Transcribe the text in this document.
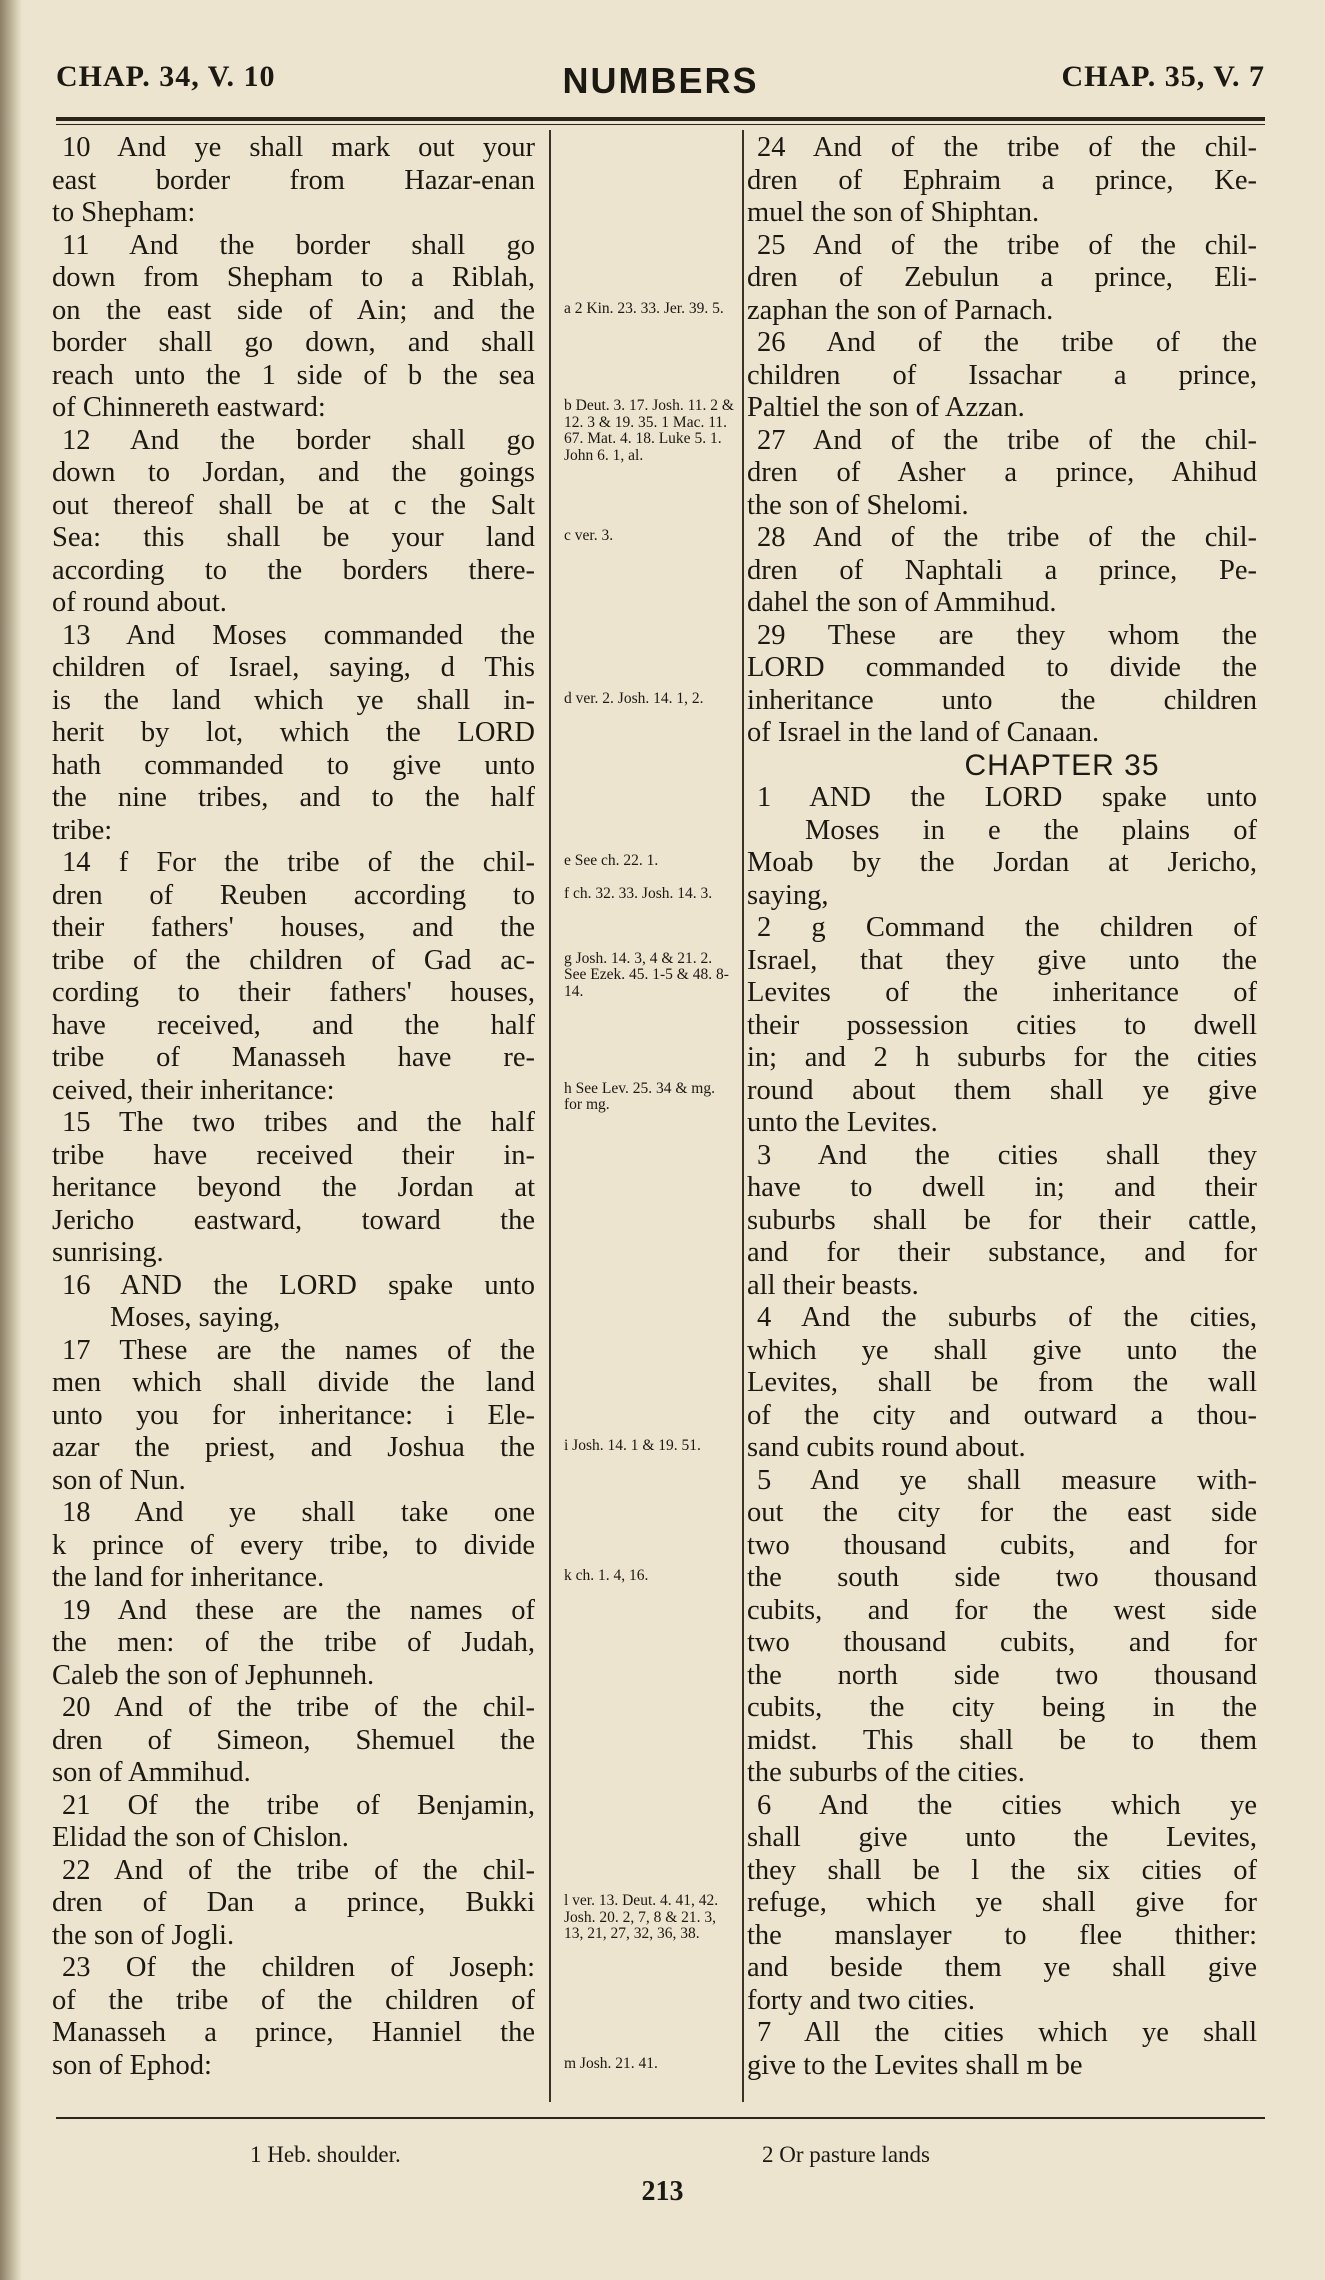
CHAP. 34, V. 10	NUMBERS	CHAP. 35, V. 7
10 And ye shall mark out your
east border from Hazar-enan
to Shepham:
11 And the border shall go
down from Shepham to a Riblah,
on the east side of Ain; and the
border shall go down, and shall
reach unto the 1 side of b the sea
of Chinnereth eastward:
12 And the border shall go
down to Jordan, and the goings
out thereof shall be at c the Salt
Sea: this shall be your land
according to the borders there-
of round about.
13 And Moses commanded the
children of Israel, saying, d This
is the land which ye shall in-
herit by lot, which the LORD
hath commanded to give unto
the nine tribes, and to the half
tribe:
14 f For the tribe of the chil-
dren of Reuben according to
their fathers' houses, and the
tribe of the children of Gad ac-
cording to their fathers' houses,
have received, and the half
tribe of Manasseh have re-
ceived, their inheritance:
15 The two tribes and the half
tribe have received their in-
heritance beyond the Jordan at
Jericho eastward, toward the
sunrising.
16 AND the LORD spake unto
Moses, saying,
17 These are the names of the
men which shall divide the land
unto you for inheritance: i Ele-
azar the priest, and Joshua the
son of Nun.
18 And ye shall take one
k prince of every tribe, to divide
the land for inheritance.
19 And these are the names of
the men: of the tribe of Judah,
Caleb the son of Jephunneh.
20 And of the tribe of the chil-
dren of Simeon, Shemuel the
son of Ammihud.
21 Of the tribe of Benjamin,
Elidad the son of Chislon.
22 And of the tribe of the chil-
dren of Dan a prince, Bukki
the son of Jogli.
23 Of the children of Joseph:
of the tribe of the children of
Manasseh a prince, Hanniel the
son of Ephod:
a 2 Kin. 23. 33. Jer. 39. 5.
b Deut. 3. 17. Josh. 11. 2 & 12. 3 & 19. 35. 1 Mac. 11. 67. Mat. 4. 18. Luke 5. 1. John 6. 1, al.
c ver. 3.
d ver. 2. Josh. 14. 1, 2.
e See ch. 22. 1.
f ch. 32. 33. Josh. 14. 3.
g Josh. 14. 3, 4 & 21. 2. See Ezek. 45. 1-5 & 48. 8-14.
h See Lev. 25. 34 & mg. for mg.
i Josh. 14. 1 & 19. 51.
k ch. 1. 4, 16.
l ver. 13. Deut. 4. 41, 42. Josh. 20. 2, 7, 8 & 21. 3, 13, 21, 27, 32, 36, 38.
m Josh. 21. 41.
24 And of the tribe of the chil-
dren of Ephraim a prince, Ke-
muel the son of Shiphtan.
25 And of the tribe of the chil-
dren of Zebulun a prince, Eli-
zaphan the son of Parnach.
26 And of the tribe of the
children of Issachar a prince,
Paltiel the son of Azzan.
27 And of the tribe of the chil-
dren of Asher a prince, Ahihud
the son of Shelomi.
28 And of the tribe of the chil-
dren of Naphtali a prince, Pe-
dahel the son of Ammihud.
29 These are they whom the
LORD commanded to divide the
inheritance unto the children
of Israel in the land of Canaan.
CHAPTER 35
1 AND the LORD spake unto
Moses in e the plains of
Moab by the Jordan at Jericho,
saying,
2 g Command the children of
Israel, that they give unto the
Levites of the inheritance of
their possession cities to dwell
in; and 2 h suburbs for the cities
round about them shall ye give
unto the Levites.
3 And the cities shall they
have to dwell in; and their
suburbs shall be for their cattle,
and for their substance, and for
all their beasts.
4 And the suburbs of the cities,
which ye shall give unto the
Levites, shall be from the wall
of the city and outward a thou-
sand cubits round about.
5 And ye shall measure with-
out the city for the east side
two thousand cubits, and for
the south side two thousand
cubits, and for the west side
two thousand cubits, and for
the north side two thousand
cubits, the city being in the
midst. This shall be to them
the suburbs of the cities.
6 And the cities which ye
shall give unto the Levites,
they shall be l the six cities of
refuge, which ye shall give for
the manslayer to flee thither:
and beside them ye shall give
forty and two cities.
7 All the cities which ye shall
give to the Levites shall m be
1 Heb. shoulder.	2 Or pasture lands
213
